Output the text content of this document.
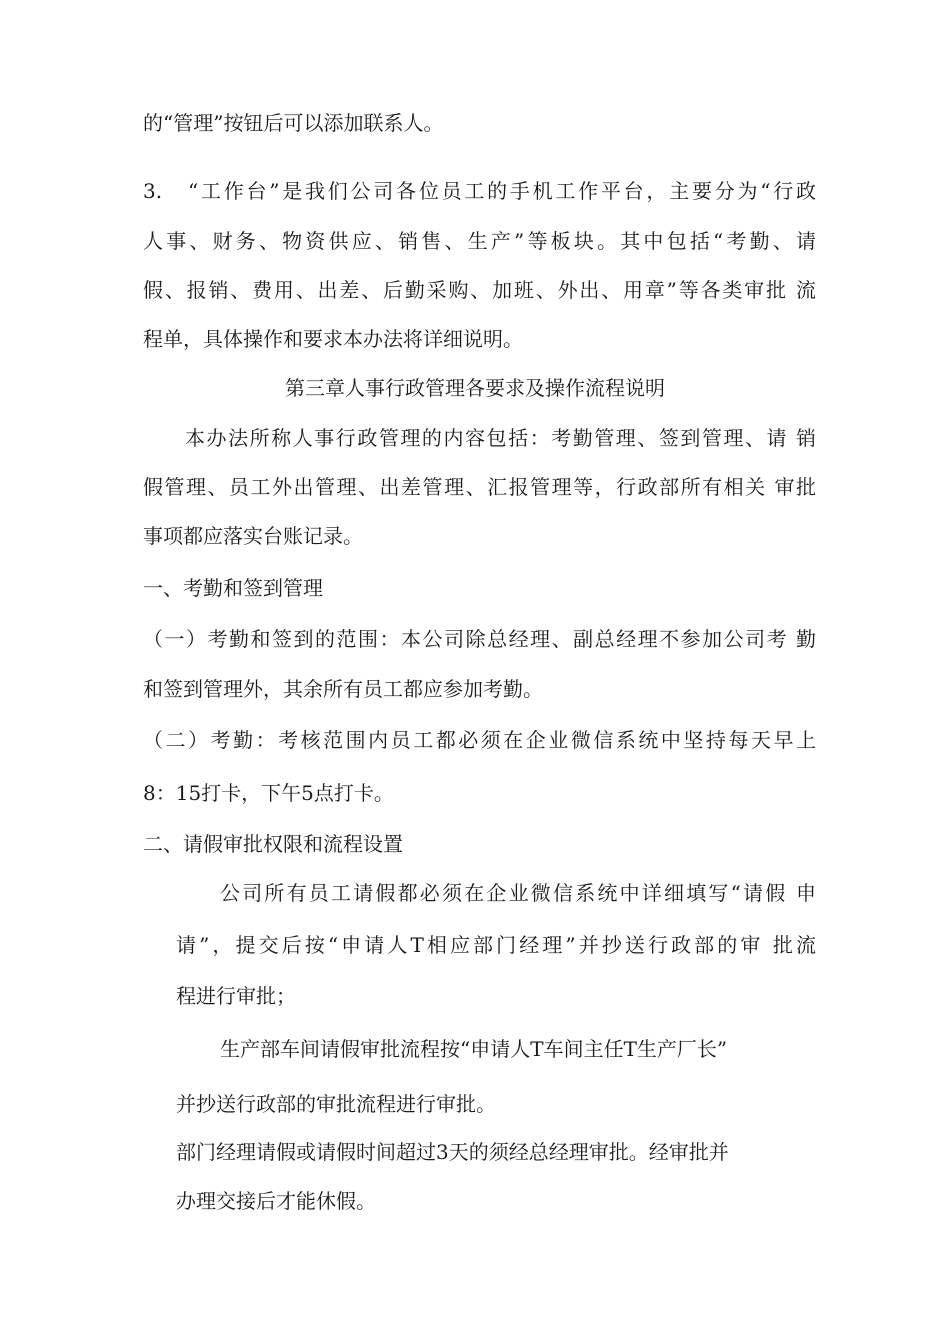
的“管理”按钮后可以添加联系人。

3. “工作台”是我们公司各位员工的手机工作平台，主要分为“行政

人事、财务、物资供应、销售、生产”等板块。其中包括“考勤、请

假、报销、费用、出差、后勤采购、加班、外出、用章”等各类审批 流

程单，具体操作和要求本办法将详细说明。

第三章人事行政管理各要求及操作流程说明

本办法所称人事行政管理的内容包括：考勤管理、签到管理、请 销

假管理、员工外出管理、出差管理、汇报管理等，行政部所有相关 审批

事项都应落实台账记录。

一、考勤和签到管理

（一）考勤和签到的范围：本公司除总经理、副总经理不参加公司考 勤

和签到管理外，其余所有员工都应参加考勤。

（二）考勤：考核范围内员工都必须在企业微信系统中坚持每天早上

8：15打卡，下午5点打卡。

二、请假审批权限和流程设置

公司所有员工请假都必须在企业微信系统中详细填写“请假 申

请”，提交后按“申请人T相应部门经理”并抄送行政部的审 批流

程进行审批；

生产部车间请假审批流程按“申请人T车间主任T生产厂长”

并抄送行政部的审批流程进行审批。

部门经理请假或请假时间超过3天的须经总经理审批。经审批并

办理交接后才能休假。
